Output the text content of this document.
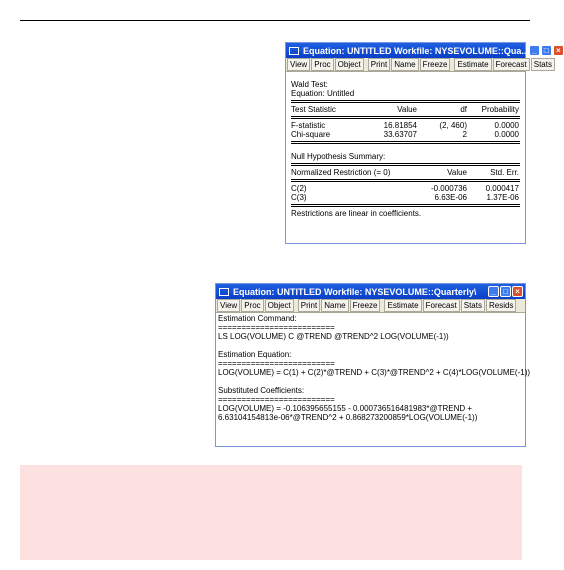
Equation: UNTITLED Workfile: NYSEVOLUME::Qua... _ □ ×
View Proc Object	Print Name Freeze	Estimate Forecast Stats
Wald Test:
Equation: Untitled
Test Statistic	Value	df	Probability
F-statistic	16.81854	(2, 460)	0.0000
Chi-square	33.63707	2	0.0000
Null Hypothesis Summary:
Normalized Restriction (= 0)	Value	Std. Err.
C(2)	-0.000736	0.000417
C(3)	6.63E-06	1.37E-06
Restrictions are linear in coefficients.
Equation: UNTITLED Workfile: NYSEVOLUME::Quarterly\	_ □ ×
View Proc Object	Print Name Freeze	Estimate Forecast Stats Resids
Estimation Command:
=========================
LS LOG(VOLUME) C @TREND @TREND^2 LOG(VOLUME(-1))
Estimation Equation:
=========================
LOG(VOLUME) = C(1) + C(2)*@TREND + C(3)*@TREND^2 + C(4)*LOG(VOLUME(-1))
Substituted Coefficients:
=========================
LOG(VOLUME) = -0.106395655155 - 0.000736516481983*@TREND +
6.63104154813e-06*@TREND^2 + 0.868273200859*LOG(VOLUME(-1))
